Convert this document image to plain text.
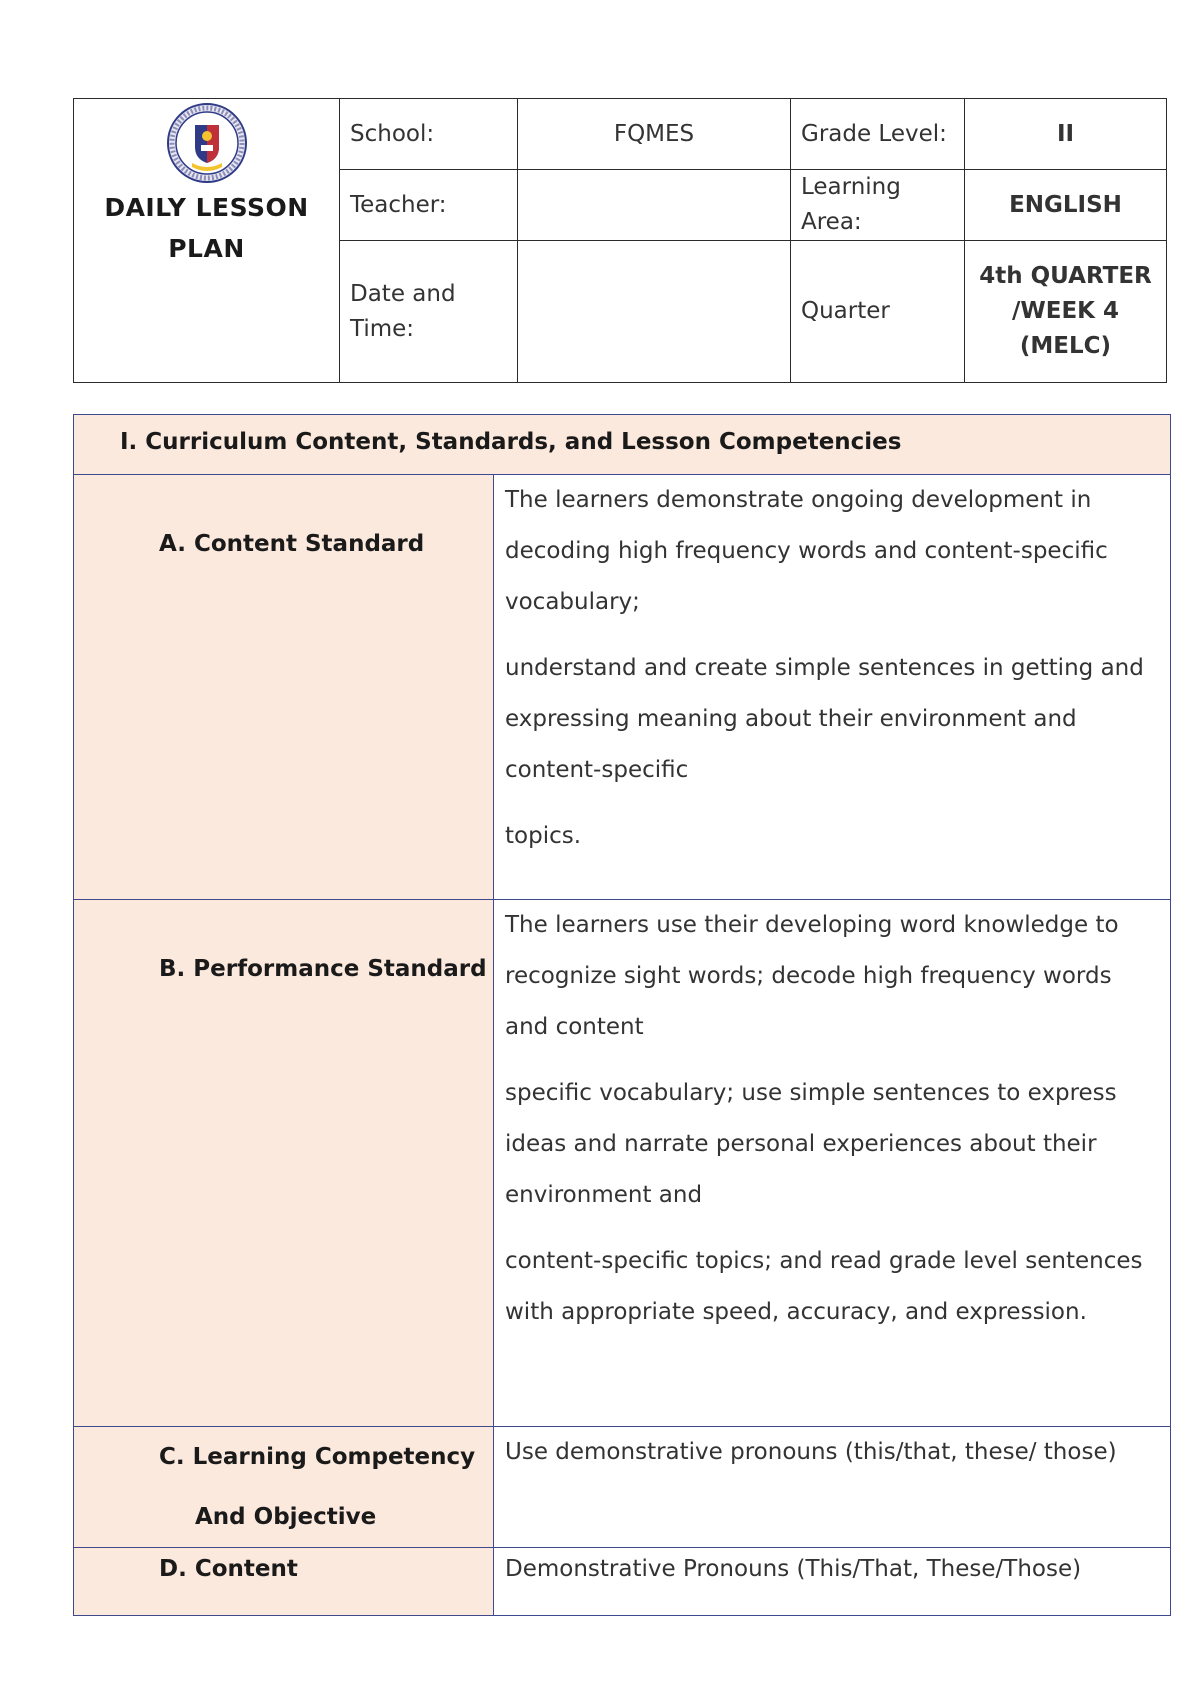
DAILY LESSON PLAN	School:	FQMES	Grade Level:	II
	Teacher:		Learning Area:	ENGLISH
	Date and Time:		Quarter	4th QUARTER /WEEK 4 (MELC)
I. Curriculum Content, Standards, and Lesson Competencies	
A. Content Standard	The learners demonstrate ongoing development in decoding high frequency words and content-specific vocabulary;

understand and create simple sentences in getting and expressing meaning about their environment and content-specific

topics.

B. Performance Standard	The learners use their developing word knowledge to recognize sight words; decode high frequency words and content

specific vocabulary; use simple sentences to express ideas and narrate personal experiences about their environment and

content-specific topics; and read grade level sentences with appropriate speed, accuracy, and expression.

C. Learning Competency
And Objective	Use demonstrative pronouns (this/that, these/ those)

D. Content	Demonstrative Pronouns (This/That, These/Those)
